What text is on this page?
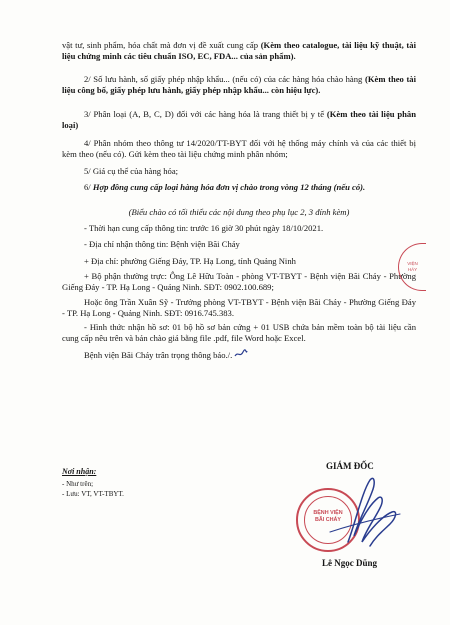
vật tư, sinh phẩm, hóa chất mà đơn vị đề xuất cung cấp (Kèm theo catalogue, tài liệu kỹ thuật, tài liệu chứng minh các tiêu chuẩn ISO, EC, FDA... của sản phẩm).
2/ Số lưu hành, số giấy phép nhập khẩu... (nếu có) của các hàng hóa chào hàng (Kèm theo tài liệu công bố, giấy phép lưu hành, giấy phép nhập khẩu... còn hiệu lực).
3/ Phân loại (A, B, C, D) đối với các hàng hóa là trang thiết bị y tế (Kèm theo tài liệu phân loại)
4/ Phân nhóm theo thông tư 14/2020/TT-BYT đối với hệ thống máy chính và của các thiết bị kèm theo (nếu có). Gửi kèm theo tài liệu chứng minh phân nhóm;
5/ Giá cụ thể của hàng hóa;
6/ Hợp đồng cung cấp loại hàng hóa đơn vị chào trong vòng 12 tháng (nếu có).
(Biểu chào có tối thiểu các nội dung theo phụ lục 2, 3 đính kèm)
- Thời hạn cung cấp thông tin: trước 16 giờ 30 phút ngày 18/10/2021.
- Địa chỉ nhận thông tin: Bệnh viện Bãi Cháy
+ Địa chỉ: phường Giếng Đáy, TP. Hạ Long, tỉnh Quảng Ninh
+ Bộ phận thường trực: Ông Lê Hữu Toàn - phòng VT-TBYT - Bệnh viện Bãi Cháy - Phường Giếng Đáy - TP. Hạ Long - Quảng Ninh. SĐT: 0902.100.689;
Hoặc ông Trần Xuân Sỹ - Trưởng phòng VT-TBYT - Bệnh viện Bãi Cháy - Phường Giếng Đáy - TP. Hạ Long - Quảng Ninh. SĐT: 0916.745.383.
- Hình thức nhận hồ sơ: 01 bộ hồ sơ bản cứng + 01 USB chứa bản mềm toàn bộ tài liệu cần cung cấp nêu trên và bản chào giá bằng file .pdf, file Word hoặc Excel.
Bệnh viện Bãi Cháy trân trọng thông báo./.
VIỆN
HÁY
Nơi nhận:
- Như trên;
- Lưu: VT, VT-TBYT.
GIÁM ĐỐC
BỆNH VIỆN
BÃI CHÁY
Lê Ngọc Dũng
